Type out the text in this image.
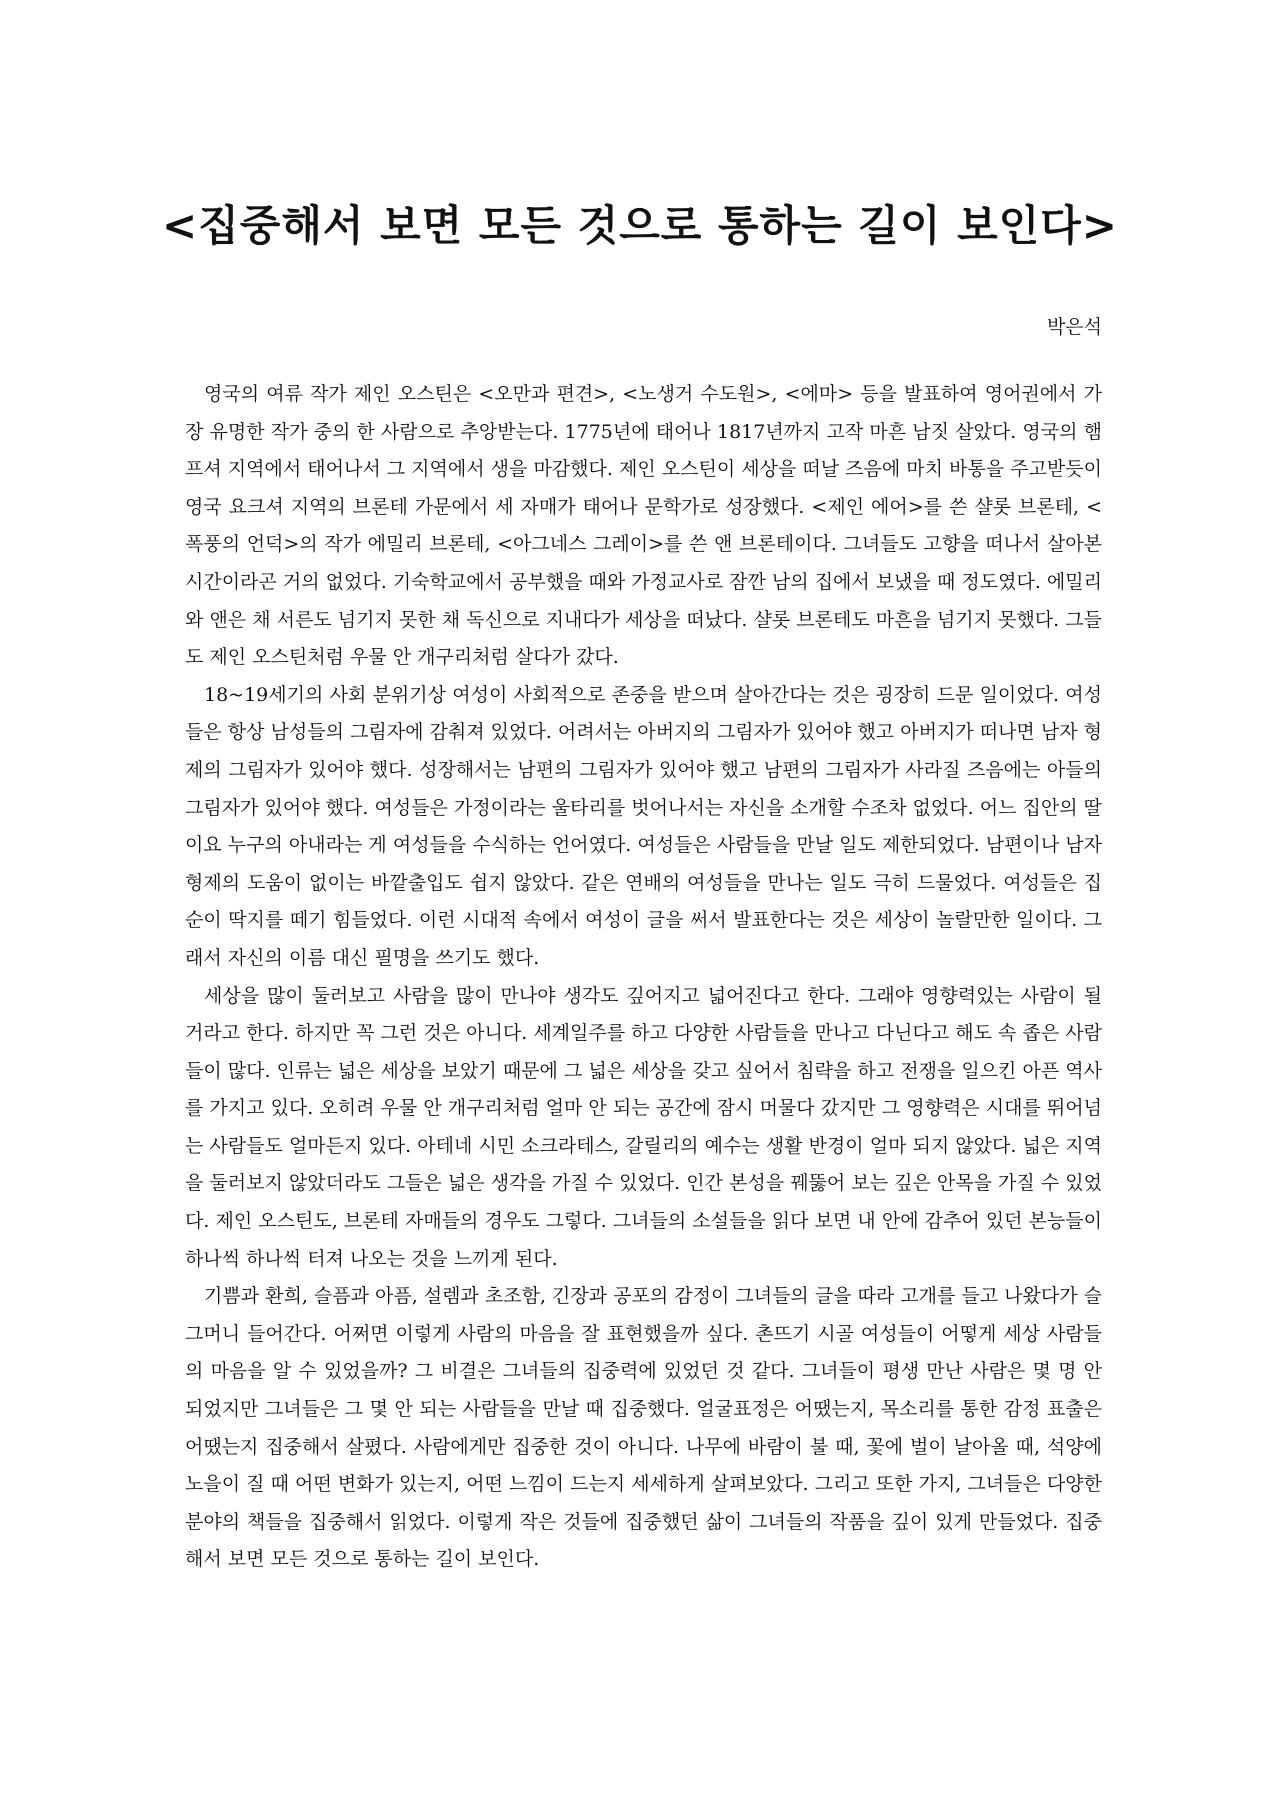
<집중해서 보면 모든 것으로 통하는 길이 보인다>
박은석

영국의 여류 작가 제인 오스틴은 <오만과 편견>, <노생거 수도원>, <에마> 등을 발표하여 영어권에서 가장 유명한 작가 중의 한 사람으로 추앙받는다. 1775년에 태어나 1817년까지 고작 마흔 남짓 살았다. 영국의 햄프셔 지역에서 태어나서 그 지역에서 생을 마감했다. 제인 오스틴이 세상을 떠날 즈음에 마치 바통을 주고받듯이 영국 요크셔 지역의 브론테 가문에서 세 자매가 태어나 문학가로 성장했다. <제인 에어>를 쓴 샬롯 브론테, <폭풍의 언덕>의 작가 에밀리 브론테, <아그네스 그레이>를 쓴 앤 브론테이다. 그녀들도 고향을 떠나서 살아본 시간이라곤 거의 없었다. 기숙학교에서 공부했을 때와 가정교사로 잠깐 남의 집에서 보냈을 때 정도였다. 에밀리와 앤은 채 서른도 넘기지 못한 채 독신으로 지내다가 세상을 떠났다. 샬롯 브론테도 마흔을 넘기지 못했다. 그들도 제인 오스틴처럼 우물 안 개구리처럼 살다가 갔다.

18~19세기의 사회 분위기상 여성이 사회적으로 존중을 받으며 살아간다는 것은 굉장히 드문 일이었다. 여성들은 항상 남성들의 그림자에 감춰져 있었다. 어려서는 아버지의 그림자가 있어야 했고 아버지가 떠나면 남자 형제의 그림자가 있어야 했다. 성장해서는 남편의 그림자가 있어야 했고 남편의 그림자가 사라질 즈음에는 아들의 그림자가 있어야 했다. 여성들은 가정이라는 울타리를 벗어나서는 자신을 소개할 수조차 없었다. 어느 집안의 딸이요 누구의 아내라는 게 여성들을 수식하는 언어였다. 여성들은 사람들을 만날 일도 제한되었다. 남편이나 남자 형제의 도움이 없이는 바깥출입도 쉽지 않았다. 같은 연배의 여성들을 만나는 일도 극히 드물었다. 여성들은 집순이 딱지를 떼기 힘들었다. 이런 시대적 속에서 여성이 글을 써서 발표한다는 것은 세상이 놀랄만한 일이다. 그래서 자신의 이름 대신 필명을 쓰기도 했다.

세상을 많이 둘러보고 사람을 많이 만나야 생각도 깊어지고 넓어진다고 한다. 그래야 영향력있는 사람이 될 거라고 한다. 하지만 꼭 그런 것은 아니다. 세계일주를 하고 다양한 사람들을 만나고 다닌다고 해도 속 좁은 사람들이 많다. 인류는 넓은 세상을 보았기 때문에 그 넓은 세상을 갖고 싶어서 침략을 하고 전쟁을 일으킨 아픈 역사를 가지고 있다. 오히려 우물 안 개구리처럼 얼마 안 되는 공간에 잠시 머물다 갔지만 그 영향력은 시대를 뛰어넘는 사람들도 얼마든지 있다. 아테네 시민 소크라테스, 갈릴리의 예수는 생활 반경이 얼마 되지 않았다. 넓은 지역을 둘러보지 않았더라도 그들은 넓은 생각을 가질 수 있었다. 인간 본성을 꿰뚫어 보는 깊은 안목을 가질 수 있었다. 제인 오스틴도, 브론테 자매들의 경우도 그렇다. 그녀들의 소설들을 읽다 보면 내 안에 감추어 있던 본능들이 하나씩 하나씩 터져 나오는 것을 느끼게 된다.

기쁨과 환희, 슬픔과 아픔, 설렘과 초조함, 긴장과 공포의 감정이 그녀들의 글을 따라 고개를 들고 나왔다가 슬그머니 들어간다. 어쩌면 이렇게 사람의 마음을 잘 표현했을까 싶다. 촌뜨기 시골 여성들이 어떻게 세상 사람들의 마음을 알 수 있었을까? 그 비결은 그녀들의 집중력에 있었던 것 같다. 그녀들이 평생 만난 사람은 몇 명 안 되었지만 그녀들은 그 몇 안 되는 사람들을 만날 때 집중했다. 얼굴표정은 어땠는지, 목소리를 통한 감정 표출은 어땠는지 집중해서 살폈다. 사람에게만 집중한 것이 아니다. 나무에 바람이 불 때, 꽃에 벌이 날아올 때, 석양에 노을이 질 때 어떤 변화가 있는지, 어떤 느낌이 드는지 세세하게 살펴보았다. 그리고 또한 가지, 그녀들은 다양한 분야의 책들을 집중해서 읽었다. 이렇게 작은 것들에 집중했던 삶이 그녀들의 작품을 깊이 있게 만들었다. 집중해서 보면 모든 것으로 통하는 길이 보인다.
